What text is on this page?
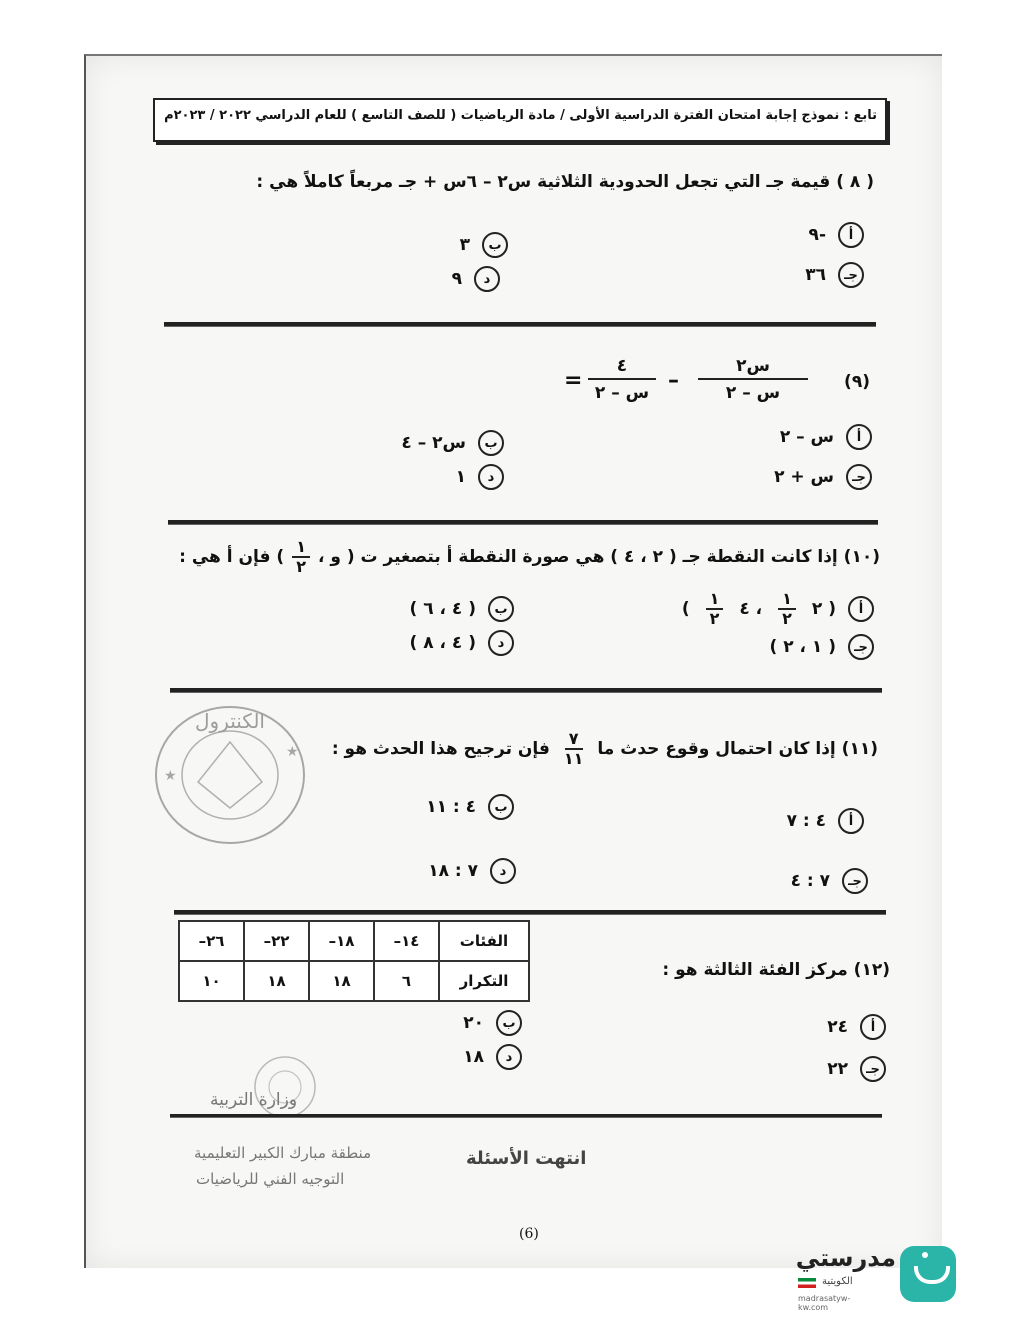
تابع : نموذج إجابة امتحان الفترة الدراسية الأولى / مادة الرياضيات ( للصف التاسع ) للعام الدراسي ٢٠٢٢ / ٢٠٢٣م
( ٨ ) قيمة جـ التي تجعل الحدودية الثلاثية س٢ – ٦س + جـ مربعاً كاملاً هي :
أ
-٩
ب
٣
جـ
٣٦
د
٩
(٩)
س٢
س – ٢
–
٤
س – ٢
=
أ
س – ٢
ب
س٢ – ٤
جـ
س + ٢
د
١
(١٠) إذا كانت النقطة جـ ( ٢ ، ٤ ) هي صورة النقطة أ بتصغير ت ( و ،
$\frac{١}{٢}$
) فإن أ هي :
أ
( ٢
$\frac{١}{٢}$
، ٤
$\frac{١}{٢}$
)
ب
( ٤ ، ٦ )
جـ
( ١ ، ٢ )
د
( ٤ ، ٨ )
الكنترول
★
★	(١١) إذا كان احتمال وقوع حدث ما
$\frac{٧}{١١}$
فإن ترجيح هذا الحدث هو :
أ
٤ : ٧
ب
٤ : ١١
جـ
٧ : ٤
د
٧ : ١٨
(١٢) مركز الفئة الثالثة هو :
الفئات	١٤–	١٨–	٢٢–	٢٦–
التكرار	٦	١٨	١٨	١٠
أ
٢٤
ب
٢٠
جـ
٢٢
د
١٨
وزارة التربية
منطقة مبارك الكبير التعليمية
التوجيه الفني للرياضيات
انتهت الأسئلة
(6)
مدرستي
الكويتية
madrasatyw-kw.com
